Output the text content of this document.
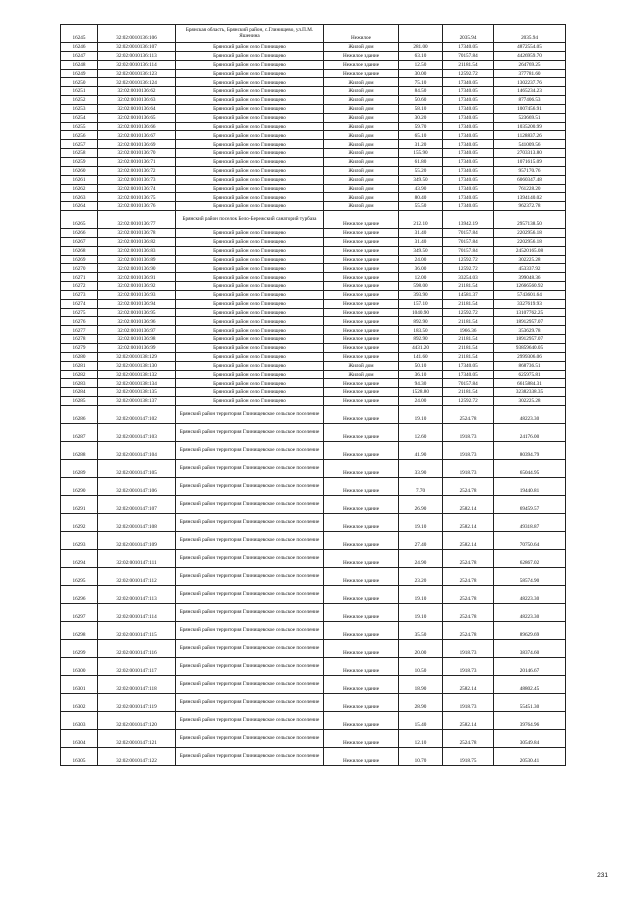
16245	32:02:0010136:106	Брянская область, Брянский район, с.Глинищево, ул.П.М. Яшенина	Нежилое		2035.94	2035.94
16246	32:02:0010136:107	Брянский район село Глинищево	Жилой дом	281.00	17340.05	4872554.05
16247	32:02:0010136:113	Брянский район село Глинищево	Нежилое здание	63.10	70157.84	4426959.70
16248	32:02:0010136:114	Брянский район село Глинищево	Нежилое здание	12.50	21181.54	264769.25
16249	32:02:0010136:123	Брянский район село Глинищево	Нежилое здание	30.00	12592.72	377781.60
16250	32:02:0010136:124	Брянский район село Глинищево	Жилой дом	75.10	17340.05	1302237.76
16251	32:02:0010136:62	Брянский район село Глинищево	Жилой дом	84.50	17340.05	1465234.23
16252	32:02:0010136:63	Брянский район село Глинищево	Жилой дом	50.60	17340.05	877406.53
16253	32:02:0010136:64	Брянский район село Глинищево	Жилой дом	58.10	17340.05	1007456.91
16254	32:02:0010136:65	Брянский район село Глинищево	Жилой дом	30.20	17340.05	523669.51
16255	32:02:0010136:66	Брянский район село Глинищево	Жилой дом	59.70	17340.05	1035200.99
16256	32:02:0010136:67	Брянский район село Глинищево	Жилой дом	65.10	17340.05	1128837.26
16257	32:02:0010136:69	Брянский район село Глинищево	Жилой дом	31.20	17340.05	541009.56
16258	32:02:0010136:70	Брянский район село Глинищево	Жилой дом	155.90	17340.05	2703313.80
16259	32:02:0010136:71	Брянский район село Глинищево	Жилой дом	61.80	17340.05	1071615.09
16260	32:02:0010136:72	Брянский район село Глинищево	Жилой дом	55.20	17340.05	957170.76
16261	32:02:0010136:73	Брянский район село Глинищево	Жилой дом	349.50	17340.05	6060347.48
16262	32:02:0010136:74	Брянский район село Глинищево	Жилой дом	43.90	17340.05	761228.20
16263	32:02:0010136:75	Брянский район село Глинищево	Жилой дом	80.40	17340.05	1394140.02
16264	32:02:0010136:76	Брянский район село Глинищево	Жилой дом	55.50	17340.05	962372.78
16265	32:02:0010136:77	Брянский район поселок Бело-Бережский санаторий турбаза	Нежилое здание	212.10	13942.19	2957138.50
16266	32:02:0010136:78	Брянский район село Глинищево	Нежилое здание	31.40	70157.84	2202956.18
16267	32:02:0010136:82	Брянский район село Глинищево	Нежилое здание	31.40	70157.84	2202956.18
16268	32:02:0010136:83	Брянский район село Глинищево	Нежилое здание	349.50	70157.84	24520165.08
16269	32:02:0010136:89	Брянский район село Глинищево	Нежилое здание	24.00	12592.72	302225.28
16270	32:02:0010136:90	Брянский район село Глинищево	Нежилое здание	36.00	12592.72	453337.92
16271	32:02:0010136:91	Брянский район село Глинищево	Нежилое здание	12.00	33254.03	399048.36
16272	32:02:0010136:92	Брянский район село Глинищево	Нежилое здание	598.00	21181.54	12666560.92
16273	32:02:0010136:93	Брянский район село Глинищево	Нежилое здание	393.90	14581.37	5743601.64
16274	32:02:0010136:94	Брянский район село Глинищево	Нежилое здание	157.10	21181.54	3327619.93
16275	32:02:0010136:95	Брянский район село Глинищево	Нежилое здание	1040.90	12592.72	13107762.25
16276	32:02:0010136:96	Брянский район село Глинищево	Нежилое здание	892.90	21181.54	18912957.07
16277	32:02:0010136:97	Брянский район село Глинищево	Нежилое здание	183.50	1966.36	353629.78
16278	32:02:0010136:98	Брянский район село Глинищево	Нежилое здание	892.90	21181.54	18912957.07
16279	32:02:0010136:99	Брянский район село Глинищево	Нежилое здание	4431.20	21181.54	93859640.05
16280	32:02:0010138:129	Брянский район село Глинищево	Нежилое здание	141.60	21181.54	2999306.06
16281	32:02:0010138:130	Брянский район село Глинищево	Жилой дом	50.10	17340.05	868736.51
16282	32:02:0010138:132	Брянский район село Глинищево	Жилой дом	36.10	17340.05	625975.81
16283	32:02:0010138:134	Брянский район село Глинищево	Нежилое здание	94.30	70157.84	6615884.31
16284	32:02:0010138:135	Брянский район село Глинищево	Нежилое здание	1528.80	21181.54	32382338.35
16285	32:02:0010138:137	Брянский район село Глинищево	Нежилое здание	24.00	12592.72	302225.28
16286	32:02:0010147:102	Брянский район территория Глинищевское сельское поселение	Нежилое здание	19.10	2524.78	48223.30
16287	32:02:0010147:103	Брянский район территория Глинищевское сельское поселение	Нежилое здание	12.60	1918.73	24176.00
16288	32:02:0010147:104	Брянский район территория Глинищевское сельское поселение	Нежилое здание	41.90	1918.73	80394.79
16289	32:02:0010147:105	Брянский район территория Глинищевское сельское поселение	Нежилое здание	33.90	1918.73	65044.95
16290	32:02:0010147:106	Брянский район территория Глинищевское сельское поселение	Нежилое здание	7.70	2524.78	19440.81
16291	32:02:0010147:107	Брянский район территория Глинищевское сельское поселение	Нежилое здание	26.90	2582.14	69459.57
16292	32:02:0010147:108	Брянский район территория Глинищевское сельское поселение	Нежилое здание	19.10	2582.14	49318.87
16293	32:02:0010147:109	Брянский район территория Глинищевское сельское поселение	Нежилое здание	27.40	2582.14	70750.64
16294	32:02:0010147:111	Брянский район территория Глинищевское сельское поселение	Нежилое здание	24.90	2524.78	62867.02
16295	32:02:0010147:112	Брянский район территория Глинищевское сельское поселение	Нежилое здание	23.20	2524.78	58574.90
16296	32:02:0010147:113	Брянский район территория Глинищевское сельское поселение	Нежилое здание	19.10	2524.78	48223.30
16297	32:02:0010147:114	Брянский район территория Глинищевское сельское поселение	Нежилое здание	19.10	2524.78	48223.30
16298	32:02:0010147:115	Брянский район территория Глинищевское сельское поселение	Нежилое здание	35.50	2524.78	89629.69
16299	32:02:0010147:116	Брянский район территория Глинищевское сельское поселение	Нежилое здание	20.00	1918.73	38374.60
16300	32:02:0010147:117	Брянский район территория Глинищевское сельское поселение	Нежилое здание	10.50	1918.73	20146.67
16301	32:02:0010147:118	Брянский район территория Глинищевское сельское поселение	Нежилое здание	18.90	2582.14	48802.45
16302	32:02:0010147:119	Брянский район территория Глинищевское сельское поселение	Нежилое здание	28.90	1918.73	55451.30
16303	32:02:0010147:120	Брянский район территория Глинищевское сельское поселение	Нежилое здание	15.40	2582.14	39764.96
16304	32:02:0010147:121	Брянский район территория Глинищевское сельское поселение	Нежилое здание	12.10	2524.78	30549.84
16305	32:02:0010147:122	Брянский район территория Глинищевское сельское поселение	Нежилое здание	10.70	1918.75	20530.41
231
